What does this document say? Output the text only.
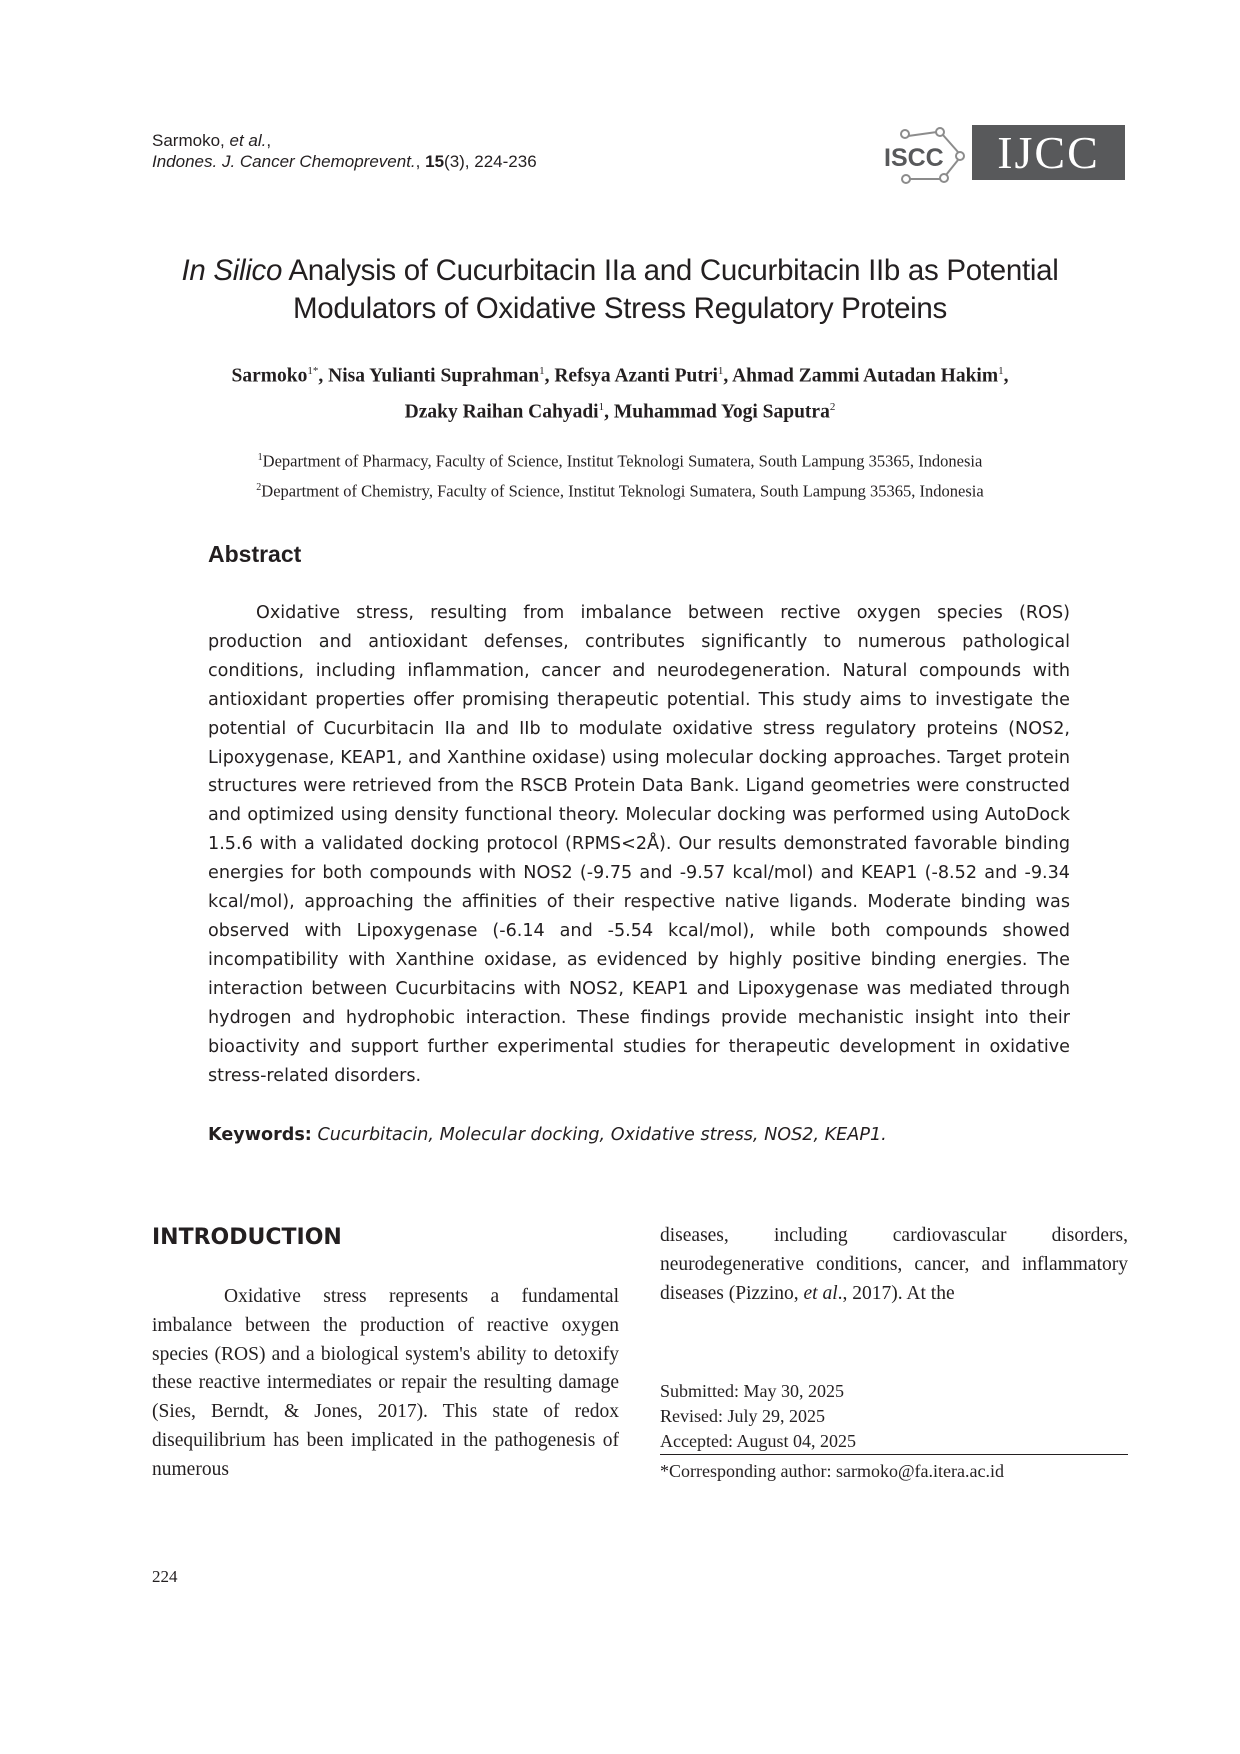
Sarmoko, et al.,
Indones. J. Cancer Chemoprevent., 15(3), 224-236	ISCC IJCC
In Silico Analysis of Cucurbitacin IIa and Cucurbitacin IIb as Potential
Modulators of Oxidative Stress Regulatory Proteins
Sarmoko$^{1*}$, Nisa Yulianti Suprahman$^1$, Refsya Azanti Putri$^1$, Ahmad Zammi Autadan Hakim$^1$,
Dzaky Raihan Cahyadi$^1$, Muhammad Yogi Saputra$^2$
$^1$Department of Pharmacy, Faculty of Science, Institut Teknologi Sumatera, South Lampung 35365, Indonesia
$^2$Department of Chemistry, Faculty of Science, Institut Teknologi Sumatera, South Lampung 35365, Indonesia
Abstract
Oxidative stress, resulting from imbalance between rective oxygen species (ROS) production and antioxidant defenses, contributes significantly to numerous pathological conditions, including inflammation, cancer and neurodegeneration. Natural compounds with antioxidant properties offer promising therapeutic potential. This study aims to investigate the potential of Cucurbitacin IIa and IIb to modulate oxidative stress regulatory proteins (NOS2, Lipoxygenase, KEAP1, and Xanthine oxidase) using molecular docking approaches. Target protein structures were retrieved from the RSCB Protein Data Bank. Ligand geometries were constructed and optimized using density functional theory. Molecular docking was performed using AutoDock 1.5.6 with a validated docking protocol (RPMS<2Å). Our results demonstrated favorable binding energies for both compounds with NOS2 (-9.75 and -9.57 kcal/mol) and KEAP1 (-8.52 and -9.34 kcal/mol), approaching the affinities of their respective native ligands. Moderate binding was observed with Lipoxygenase (-6.14 and -5.54 kcal/mol), while both compounds showed incompatibility with Xanthine oxidase, as evidenced by highly positive binding energies. The interaction between Cucurbitacins with NOS2, KEAP1 and Lipoxygenase was mediated through hydrogen and hydrophobic interaction. These findings provide mechanistic insight into their bioactivity and support further experimental studies for therapeutic development in oxidative stress-related disorders.
Keywords: Cucurbitacin, Molecular docking, Oxidative stress, NOS2, KEAP1.
INTRODUCTION
Oxidative stress represents a fundamental imbalance between the production of reactive oxygen species (ROS) and a biological system's ability to detoxify these reactive intermediates or repair the resulting damage (Sies, Berndt, & Jones, 2017). This state of redox disequilibrium has been implicated in the pathogenesis of numerous
diseases, including cardiovascular disorders, neurodegenerative conditions, cancer, and inflammatory diseases (Pizzino, et al., 2017). At the
Submitted: May 30, 2025
Revised: July 29, 2025
Accepted: August 04, 2025
*Corresponding author: sarmoko@fa.itera.ac.id
224
